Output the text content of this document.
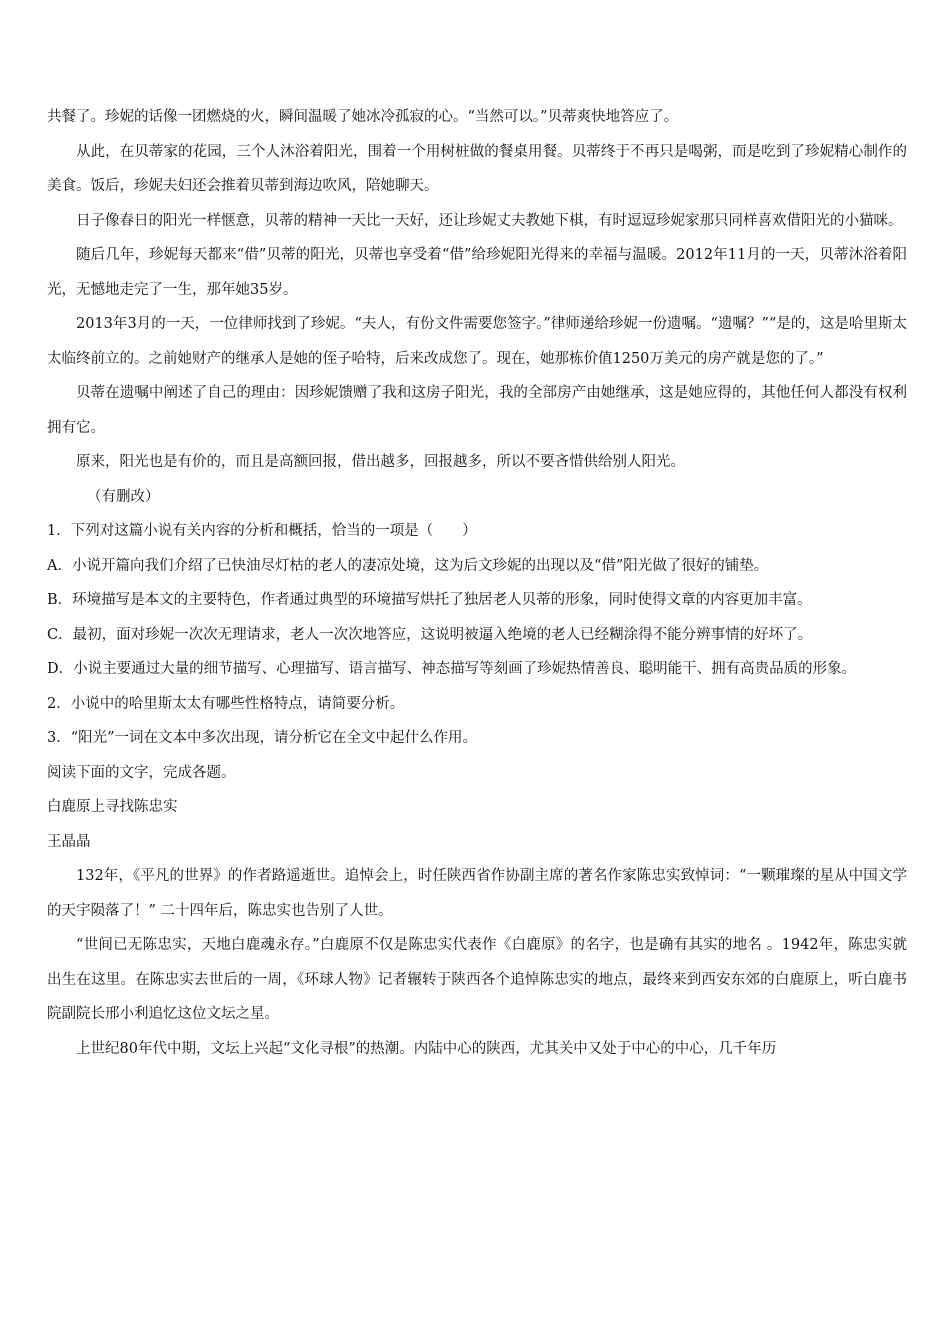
共餐了。珍妮的话像一团燃烧的火，瞬间温暖了她冰冷孤寂的心。“当然可以。”贝蒂爽快地答应了。

从此，在贝蒂家的花园，三个人沐浴着阳光，围着一个用树桩做的餐桌用餐。贝蒂终于不再只是喝粥，而是吃到了珍妮精心制作的美食。饭后，珍妮夫妇还会推着贝蒂到海边吹风，陪她聊天。

日子像春日的阳光一样惬意，贝蒂的精神一天比一天好，还让珍妮丈夫教她下棋，有时逗逗珍妮家那只同样喜欢借阳光的小猫咪。

随后几年，珍妮每天都来“借”贝蒂的阳光，贝蒂也享受着“借”给珍妮阳光得来的幸福与温暖。2012年11月的一天，贝蒂沐浴着阳光，无憾地走完了一生，那年她35岁。

2013年3月的一天，一位律师找到了珍妮。“夫人，有份文件需要您签字。”律师递给珍妮一份遗嘱。“遗嘱？”“是的，这是哈里斯太太临终前立的。之前她财产的继承人是她的侄子哈特，后来改成您了。现在，她那栋价值1250万美元的房产就是您的了。”

贝蒂在遗嘱中阐述了自己的理由：因珍妮馈赠了我和这房子阳光，我的全部房产由她继承，这是她应得的，其他任何人都没有权利拥有它。

原来，阳光也是有价的，而且是高额回报，借出越多，回报越多，所以不要吝惜供给别人阳光。

（有删改）

1．下列对这篇小说有关内容的分析和概括，恰当的一项是（　　）

A．小说开篇向我们介绍了已快油尽灯枯的老人的凄凉处境，这为后文珍妮的出现以及“借”阳光做了很好的铺垫。

B．环境描写是本文的主要特色，作者通过典型的环境描写烘托了独居老人贝蒂的形象，同时使得文章的内容更加丰富。

C．最初，面对珍妮一次次无理请求，老人一次次地答应，这说明被逼入绝境的老人已经糊涂得不能分辨事情的好坏了。

D．小说主要通过大量的细节描写、心理描写、语言描写、神态描写等刻画了珍妮热情善良、聪明能干、拥有高贵品质的形象。

2．小说中的哈里斯太太有哪些性格特点，请简要分析。

3．“阳光”一词在文本中多次出现，请分析它在全文中起什么作用。

阅读下面的文字，完成各题。

白鹿原上寻找陈忠实

王晶晶

132年，《平凡的世界》的作者路遥逝世。追悼会上，时任陕西省作协副主席的著名作家陈忠实致悼词：“一颗璀璨的星从中国文学的天宇陨落了！” 二十四年后，陈忠实也告别了人世。

“世间已无陈忠实，天地白鹿魂永存。”白鹿原不仅是陈忠实代表作《白鹿原》的名字，也是确有其实的地名 。1942年，陈忠实就出生在这里。在陈忠实去世后的一周，《环球人物》记者辗转于陕西各个追悼陈忠实的地点，最终来到西安东郊的白鹿原上，听白鹿书院副院长邢小利追忆这位文坛之星。

上世纪80年代中期，文坛上兴起“文化寻根”的热潮。内陆中心的陕西，尤其关中又处于中心的中心，几千年历
